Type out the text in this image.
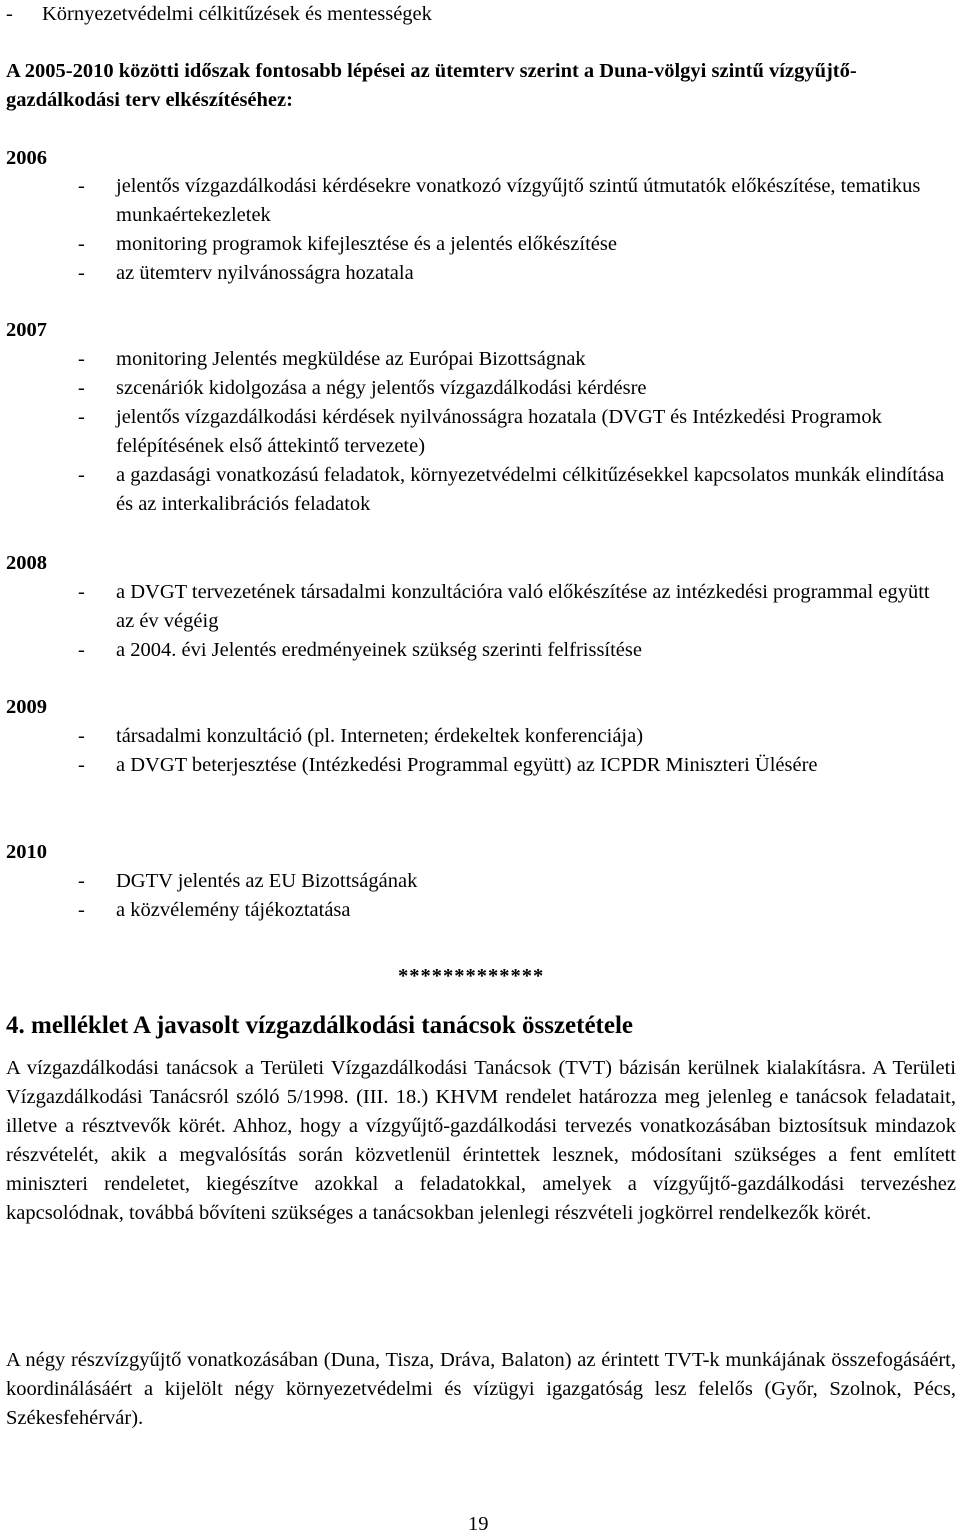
- Környezetvédelmi célkitűzések és mentességek
A 2005-2010 közötti időszak fontosabb lépései az ütemterv szerint a Duna-völgyi szintű vízgyűjtő-gazdálkodási terv elkészítéséhez:
2006
- jelentős vízgazdálkodási kérdésekre vonatkozó vízgyűjtő szintű útmutatók előkészítése, tematikus munkaértekezletek
- monitoring programok kifejlesztése és a jelentés előkészítése
- az ütemterv nyilvánosságra hozatala
2007
- monitoring Jelentés megküldése az Európai Bizottságnak
- szcenáriók kidolgozása a négy jelentős vízgazdálkodási kérdésre
- jelentős vízgazdálkodási kérdések nyilvánosságra hozatala (DVGT és Intézkedési Programok felépítésének első áttekintő tervezete)
- a gazdasági vonatkozású feladatok, környezetvédelmi célkitűzésekkel kapcsolatos munkák elindítása és az interkalibrációs feladatok
2008
- a DVGT tervezetének társadalmi konzultációra való előkészítése az intézkedési programmal együtt az év végéig
- a 2004. évi Jelentés eredményeinek szükség szerinti felfrissítése
2009
- társadalmi konzultáció (pl. Interneten; érdekeltek konferenciája)
- a DVGT beterjesztése (Intézkedési Programmal együtt) az ICPDR Miniszteri Ülésére
2010
- DGTV jelentés az EU Bizottságának
- a közvélemény tájékoztatása
*************
4. melléklet A javasolt vízgazdálkodási tanácsok összetétele
A vízgazdálkodási tanácsok a Területi Vízgazdálkodási Tanácsok (TVT) bázisán kerülnek kialakításra. A Területi Vízgazdálkodási Tanácsról szóló 5/1998. (III. 18.) KHVM rendelet határozza meg jelenleg e tanácsok feladatait, illetve a résztvevők körét. Ahhoz, hogy a vízgyűjtő-gazdálkodási tervezés vonatkozásában biztosítsuk mindazok részvételét, akik a megvalósítás során közvetlenül érintettek lesznek, módosítani szükséges a fent említett miniszteri rendeletet, kiegészítve azokkal a feladatokkal, amelyek a vízgyűjtő-gazdálkodási tervezéshez kapcsolódnak, továbbá bővíteni szükséges a tanácsokban jelenlegi részvételi jogkörrel rendelkezők körét.
A négy részvízgyűjtő vonatkozásában (Duna, Tisza, Dráva, Balaton) az érintett TVT-k munkájának összefogásáért, koordinálásáért a kijelölt négy környezetvédelmi és vízügyi igazgatóság lesz felelős (Győr, Szolnok, Pécs, Székesfehérvár).
19
